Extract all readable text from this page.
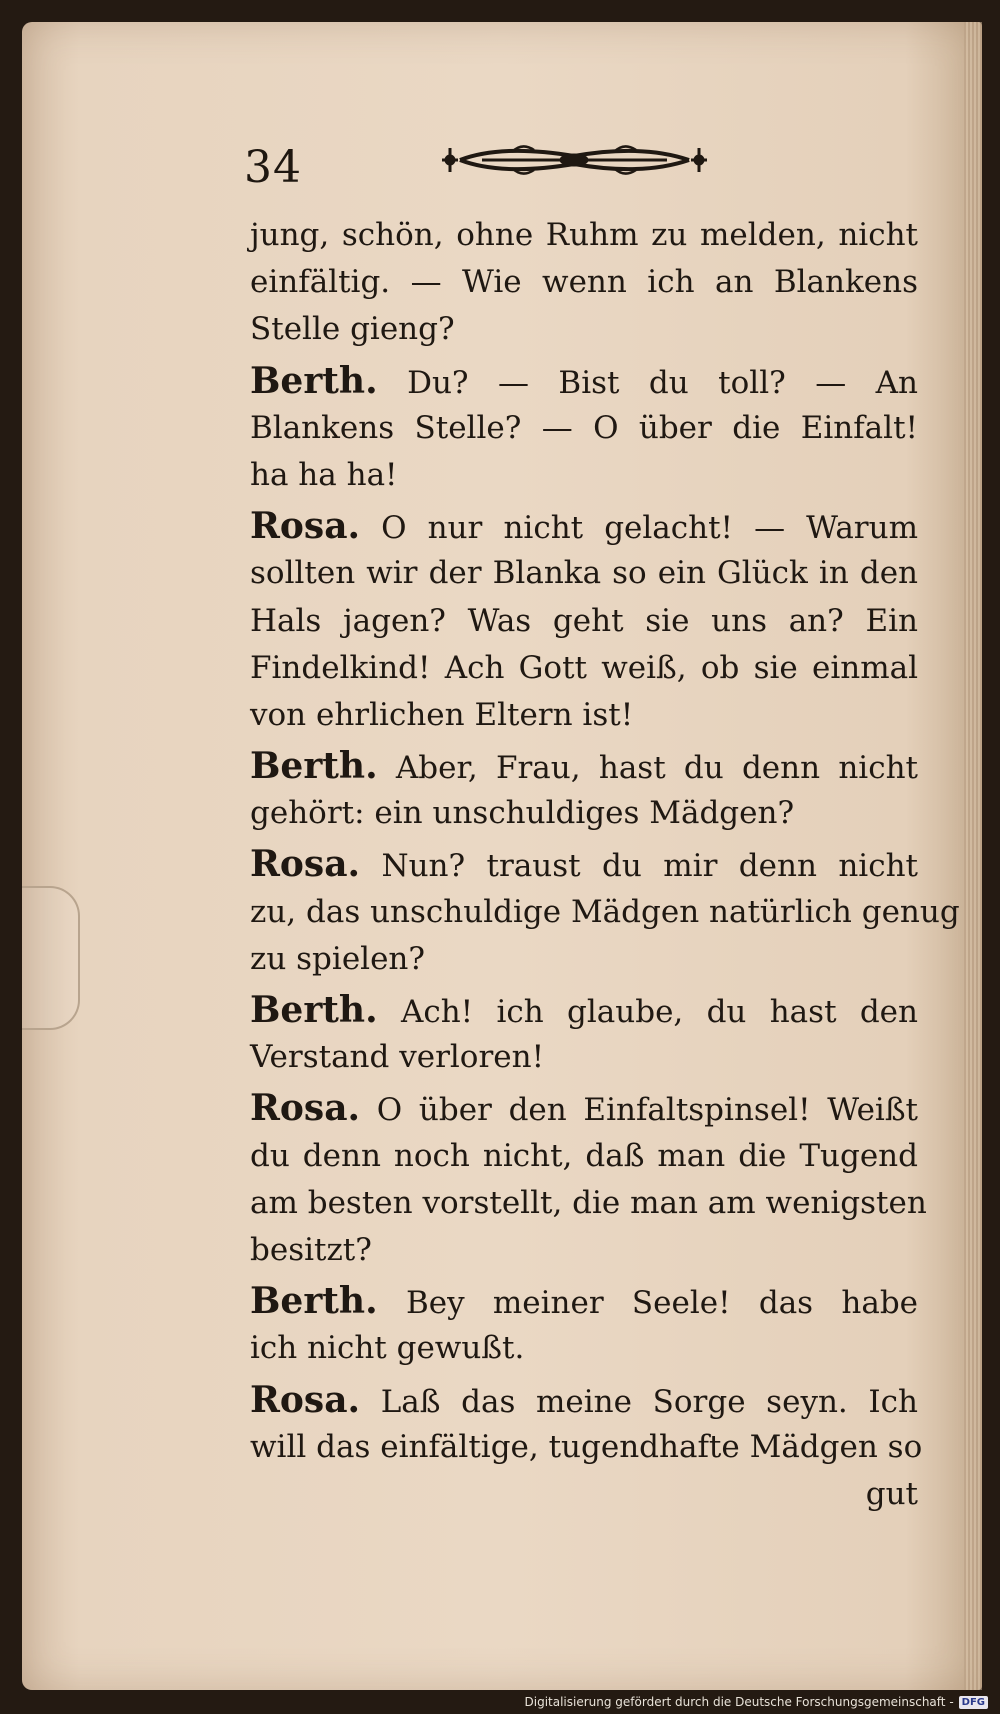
34
jung, schön, ohne Ruhm zu melden, nicht
einfältig. — Wie wenn ich an Blankens
Stelle gieng?
Berth. Du? — Bist du toll? — An
Blankens Stelle? — O über die Einfalt!
ha ha ha!
Rosa. O nur nicht gelacht! — Warum
sollten wir der Blanka so ein Glück in den
Hals jagen? Was geht sie uns an? Ein
Findelkind! Ach Gott weiß, ob sie einmal
von ehrlichen Eltern ist!
Berth. Aber, Frau, hast du denn nicht
gehört: ein unschuldiges Mädgen?
Rosa. Nun? traust du mir denn nicht
zu, das unschuldige Mädgen natürlich genug
zu spielen?
Berth. Ach! ich glaube, du hast den
Verstand verloren!
Rosa. O über den Einfaltspinsel! Weißt
du denn noch nicht, daß man die Tugend
am besten vorstellt, die man am wenigsten
besitzt?
Berth. Bey meiner Seele! das habe
ich nicht gewußt.
Rosa. Laß das meine Sorge seyn. Ich
will das einfältige, tugendhafte Mädgen so
gut
Digitalisierung gefördert durch die Deutsche Forschungsgemeinschaft - DFG
